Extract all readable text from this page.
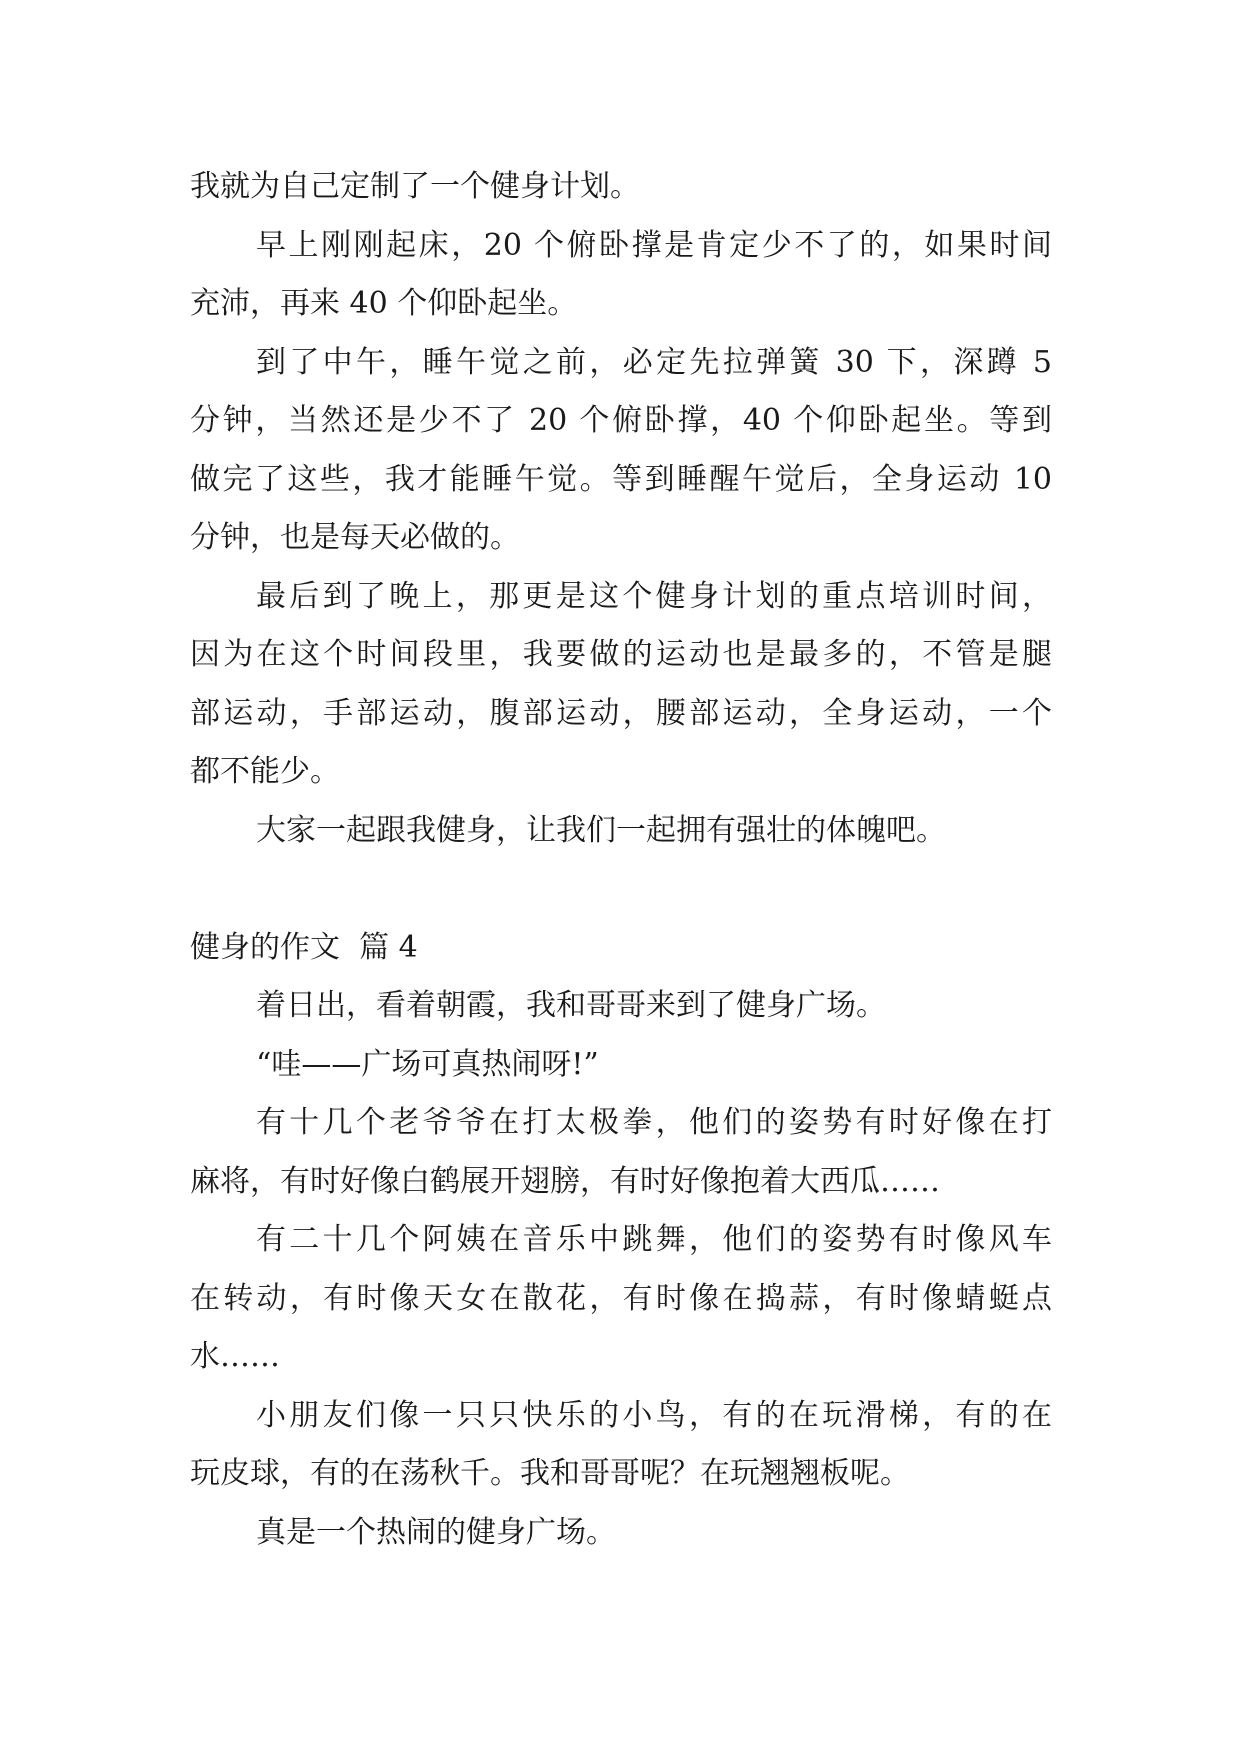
我就为自己定制了一个健身计划。
早上刚刚起床，20 个俯卧撑是肯定少不了的，如果时间
充沛，再来 40 个仰卧起坐。
到了中午，睡午觉之前，必定先拉弹簧 30 下，深蹲 5
分钟，当然还是少不了 20 个俯卧撑，40 个仰卧起坐。等到
做完了这些，我才能睡午觉。等到睡醒午觉后，全身运动 10
分钟，也是每天必做的。
最后到了晚上，那更是这个健身计划的重点培训时间，
因为在这个时间段里，我要做的运动也是最多的，不管是腿
部运动，手部运动，腹部运动，腰部运动，全身运动，一个
都不能少。
大家一起跟我健身，让我们一起拥有强壮的体魄吧。
健身的作文  篇 4
着日出，看着朝霞，我和哥哥来到了健身广场。
“哇——广场可真热闹呀!”
有十几个老爷爷在打太极拳，他们的姿势有时好像在打
麻将，有时好像白鹤展开翅膀，有时好像抱着大西瓜……
有二十几个阿姨在音乐中跳舞，他们的姿势有时像风车
在转动，有时像天女在散花，有时像在捣蒜，有时像蜻蜓点
水……
小朋友们像一只只快乐的小鸟，有的在玩滑梯，有的在
玩皮球，有的在荡秋千。我和哥哥呢？在玩翘翘板呢。
真是一个热闹的健身广场。
